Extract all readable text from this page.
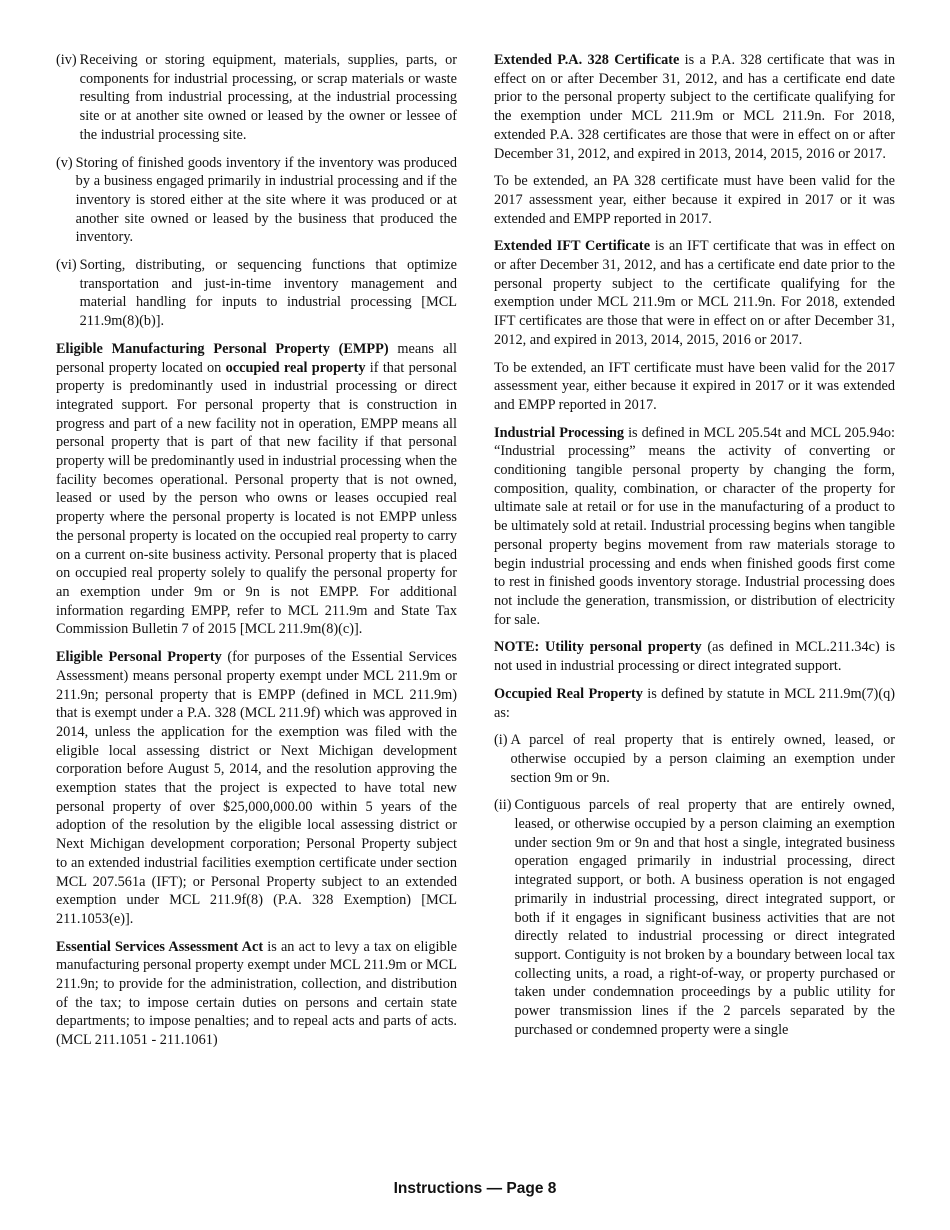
(iv) Receiving or storing equipment, materials, supplies, parts, or components for industrial processing, or scrap materials or waste resulting from industrial processing, at the industrial processing site or at another site owned or leased by the owner or lessee of the industrial processing site.
(v) Storing of finished goods inventory if the inventory was produced by a business engaged primarily in industrial processing and if the inventory is stored either at the site where it was produced or at another site owned or leased by the business that produced the inventory.
(vi) Sorting, distributing, or sequencing functions that optimize transportation and just-in-time inventory management and material handling for inputs to industrial processing [MCL 211.9m(8)(b)].

Eligible Manufacturing Personal Property (EMPP) means all personal property located on occupied real property if that personal property is predominantly used in industrial processing or direct integrated support. For personal property that is construction in progress and part of a new facility not in operation, EMPP means all personal property that is part of that new facility if that personal property will be predominantly used in industrial processing when the facility becomes operational. Personal property that is not owned, leased or used by the person who owns or leases occupied real property where the personal property is located is not EMPP unless the personal property is located on the occupied real property to carry on a current on-site business activity. Personal property that is placed on occupied real property solely to qualify the personal property for an exemption under 9m or 9n is not EMPP. For additional information regarding EMPP, refer to MCL 211.9m and State Tax Commission Bulletin 7 of 2015 [MCL 211.9m(8)(c)].

Eligible Personal Property (for purposes of the Essential Services Assessment) means personal property exempt under MCL 211.9m or 211.9n; personal property that is EMPP (defined in MCL 211.9m) that is exempt under a P.A. 328 (MCL 211.9f) which was approved in 2014, unless the application for the exemption was filed with the eligible local assessing district or Next Michigan development corporation before August 5, 2014, and the resolution approving the exemption states that the project is expected to have total new personal property of over $25,000,000.00 within 5 years of the adoption of the resolution by the eligible local assessing district or Next Michigan development corporation; Personal Property subject to an extended industrial facilities exemption certificate under section MCL 207.561a (IFT); or Personal Property subject to an extended exemption under MCL 211.9f(8) (P.A. 328 Exemption) [MCL 211.1053(e)].

Essential Services Assessment Act is an act to levy a tax on eligible manufacturing personal property exempt under MCL 211.9m or MCL 211.9n; to provide for the administration, collection, and distribution of the tax; to impose certain duties on persons and certain state departments; to impose penalties; and to repeal acts and parts of acts. (MCL 211.1051 - 211.1061)

Extended P.A. 328 Certificate is a P.A. 328 certificate that was in effect on or after December 31, 2012, and has a certificate end date prior to the personal property subject to the certificate qualifying for the exemption under MCL 211.9m or MCL 211.9n. For 2018, extended P.A. 328 certificates are those that were in effect on or after December 31, 2012, and expired in 2013, 2014, 2015, 2016 or 2017.

To be extended, an PA 328 certificate must have been valid for the 2017 assessment year, either because it expired in 2017 or it was extended and EMPP reported in 2017.

Extended IFT Certificate is an IFT certificate that was in effect on or after December 31, 2012, and has a certificate end date prior to the personal property subject to the certificate qualifying for the exemption under MCL 211.9m or MCL 211.9n. For 2018, extended IFT certificates are those that were in effect on or after December 31, 2012, and expired in 2013, 2014, 2015, 2016 or 2017.

To be extended, an IFT certificate must have been valid for the 2017 assessment year, either because it expired in 2017 or it was extended and EMPP reported in 2017.

Industrial Processing is defined in MCL 205.54t and MCL 205.94o: “Industrial processing” means the activity of converting or conditioning tangible personal property by changing the form, composition, quality, combination, or character of the property for ultimate sale at retail or for use in the manufacturing of a product to be ultimately sold at retail. Industrial processing begins when tangible personal property begins movement from raw materials storage to begin industrial processing and ends when finished goods first come to rest in finished goods inventory storage. Industrial processing does not include the generation, transmission, or distribution of electricity for sale.

NOTE: Utility personal property (as defined in MCL.211.34c) is not used in industrial processing or direct integrated support.

Occupied Real Property is defined by statute in MCL 211.9m(7)(q) as:

(i) A parcel of real property that is entirely owned, leased, or otherwise occupied by a person claiming an exemption under section 9m or 9n.
(ii) Contiguous parcels of real property that are entirely owned, leased, or otherwise occupied by a person claiming an exemption under section 9m or 9n and that host a single, integrated business operation engaged primarily in industrial processing, direct integrated support, or both. A business operation is not engaged primarily in industrial processing, direct integrated support, or both if it engages in significant business activities that are not directly related to industrial processing or direct integrated support. Contiguity is not broken by a boundary between local tax collecting units, a road, a right-of-way, or property purchased or taken under condemnation proceedings by a public utility for power transmission lines if the 2 parcels separated by the purchased or condemned property were a single
Instructions — Page 8
